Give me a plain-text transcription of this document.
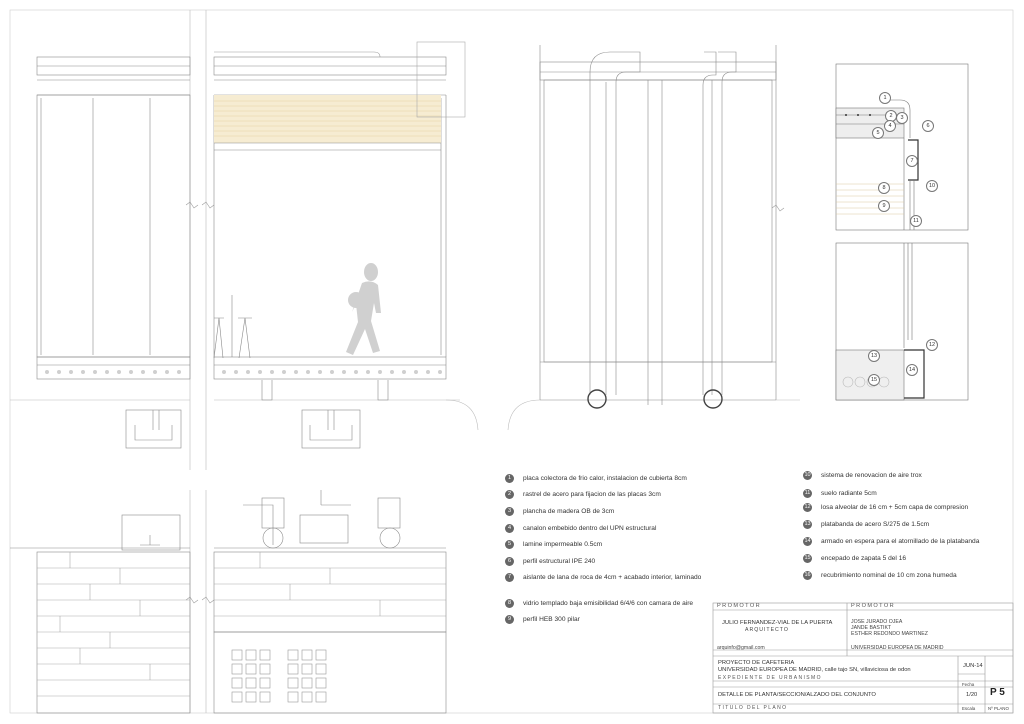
1
2	3
4
5
6
7
8
9
10
11
12
13
14
15
1	placa colectora de frio calor, instalacion de cubierta 8cm
2	rastrel de acero para fijacion de las placas 3cm
3	plancha de madera OB de 3cm
4	canalon embebido dentro del UPN estructural
5	lamine impermeable 0.5cm
6	perfil estructural IPE 240
7	aislante de lana de roca de 4cm + acabado interior, laminado
8	vidrio templado baja emisibilidad 6/4/6 con camara de aire
9	perfil HEB 300 pilar
10 sistema de renovacion de aire trox
11 suelo radiante 5cm
12 losa alveolar de 16 cm + 5cm capa de compresion
13 platabanda de acero S/275 de 1.5cm
14 armado en espera para el atornillado de la platabanda
15 encepado de zapata 5 del 16
16 recubrimiento nominal de 10 cm zona humeda
PROMOTOR	PROMOTOR
JULIO FERNANDEZ-VIAL DE LA PUERTA
ARQUITECTO
JOSE JURADO OJEA
JANDE BASTIKT
ESTHER REDONDO MARTINEZ
arquinfo@gmail.com	UNIVERSIDAD EUROPEA DE MADRID
PROYECTO DE CAFETERIA
UNIVERSIDAD EUROPEA DE MADRID, calle tajo SN, villaviciosa de odon
EXPEDIENTE DE URBANISMO
JUN-14
Fecha
DETALLE DE PLANTA/SECCION/ALZADO DEL CONJUNTO	1/20 P 5
Escala	Nº PLANO
TITULO DEL PLANO
